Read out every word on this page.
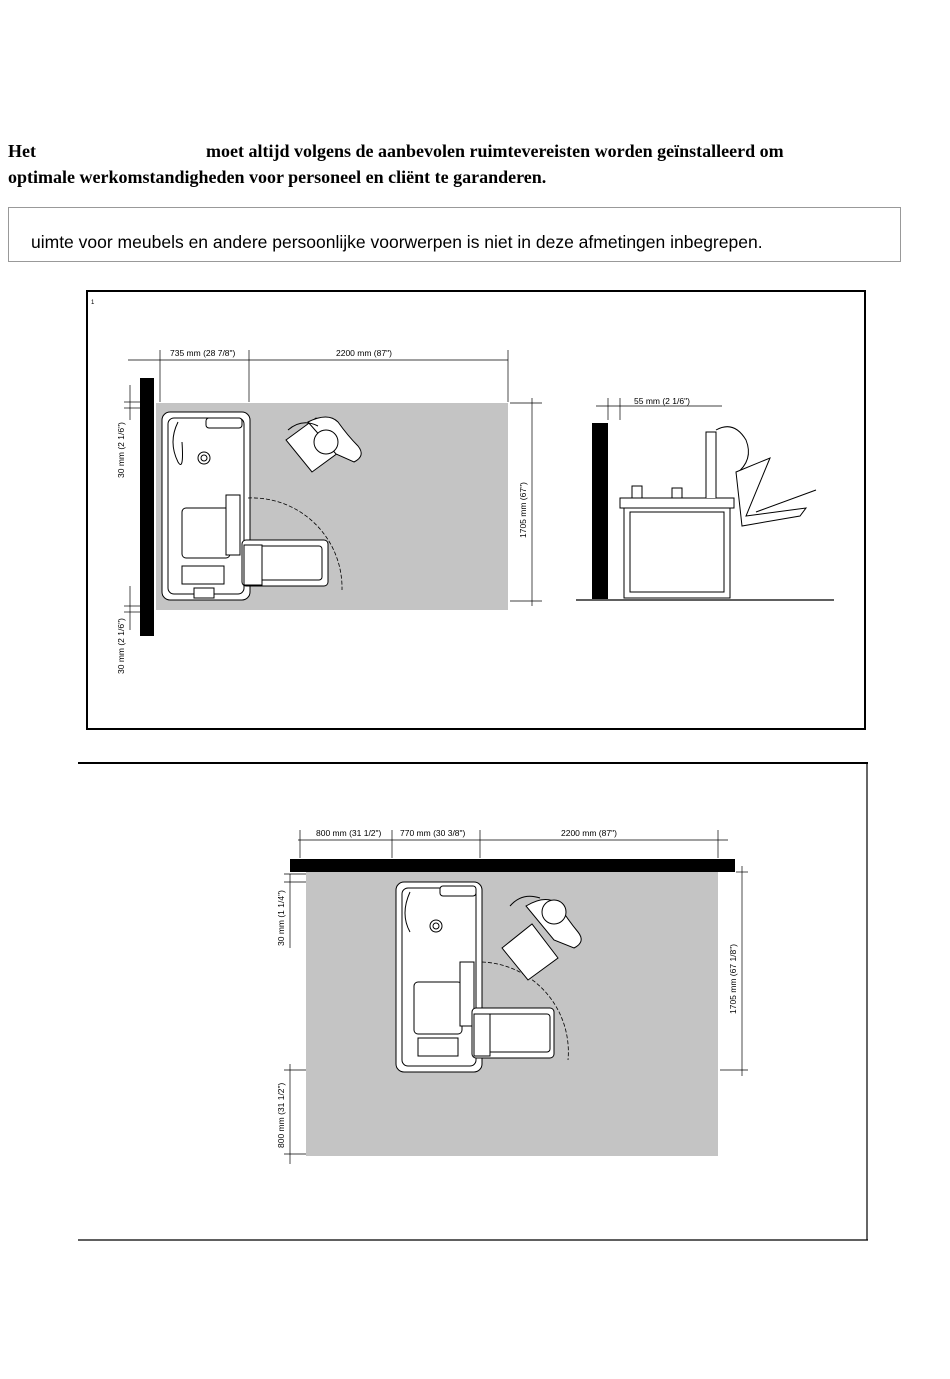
Het	moet altijd volgens de aanbevolen ruimtevereisten worden geïnstalleerd om
optimale werkomstandigheden voor personeel en cliënt te garanderen.
uimte voor meubels en andere persoonlijke voorwerpen is niet in deze afmetingen inbegrepen.
1
735 mm (28 7/8")	2200 mm (87")
30 mm (2 1/6")
30 mm (2 1/6")
1705 mm (67")
55 mm (2 1/6")
800 mm (31 1/2") 770 mm (30 3/8")	2200 mm (87")
30 mm (1 1/4")
800 mm (31 1/2")
1705 mm (67 1/8")
